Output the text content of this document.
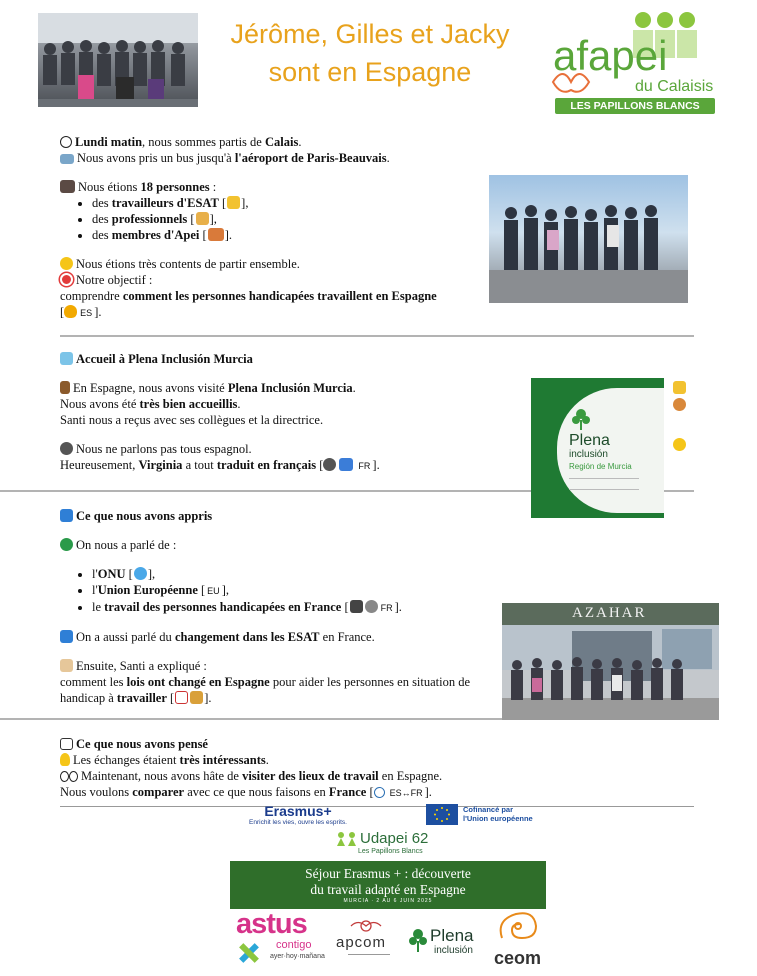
Jérôme, Gilles et Jacky
sont en Espagne	afapei
du Calaisis
LES PAPILLONS BLANCS
Lundi matin, nous sommes partis de Calais.
Nous avons pris un bus jusqu'à l'aéroport de Paris-Beauvais.
Nous étions 18 personnes :
• des travailleurs d'ESAT [ ],
• des professionnels [ ],
• des membres d'Apei [ ].
Nous étions très contents de partir ensemble.
Notre objectif :
comprendre comment les personnes handicapées travaillent en Espagne
[ ES ].
Accueil à Plena Inclusión Murcia
En Espagne, nous avons visité Plena Inclusión Murcia.
Nous avons été très bien accueillis.
Santi nous a reçus avec ses collègues et la directrice.
Nous ne parlons pas tous espagnol.
Heureusement, Virginia a tout traduit en français [	FR ].
Plena
inclusión
Región de Murcia
Ce que nous avons appris
On nous a parlé de :
• l'ONU [ ],
• l'Union Européenne [ EU ],
• le travail des personnes handicapées en France [	FR ].
On a aussi parlé du changement dans les ESAT en France.
Ensuite, Santi a expliqué :
comment les lois ont changé en Espagne pour aider les personnes en situation de
handicap à travailler [ ].
AZAHAR
Ce que nous avons pensé
Les échanges étaient très intéressants.
Maintenant, nous avons hâte de visiter des lieux de travail en Espagne.
Nous voulons comparer avec ce que nous faisons en France [ ES↔FR ].
Erasmus+
Enrichit les vies, ouvre les esprits.
Cofinancé par
l'Union européenne
Udapei 62
Les Papillons Blancs
Séjour Erasmus + : découverte
du travail adapté en Espagne
MURCIA · 2 AU 6 JUIN 2025
astus
contigo
ayer·hoy·mañana
apcom	Plena
inclusión ceom
